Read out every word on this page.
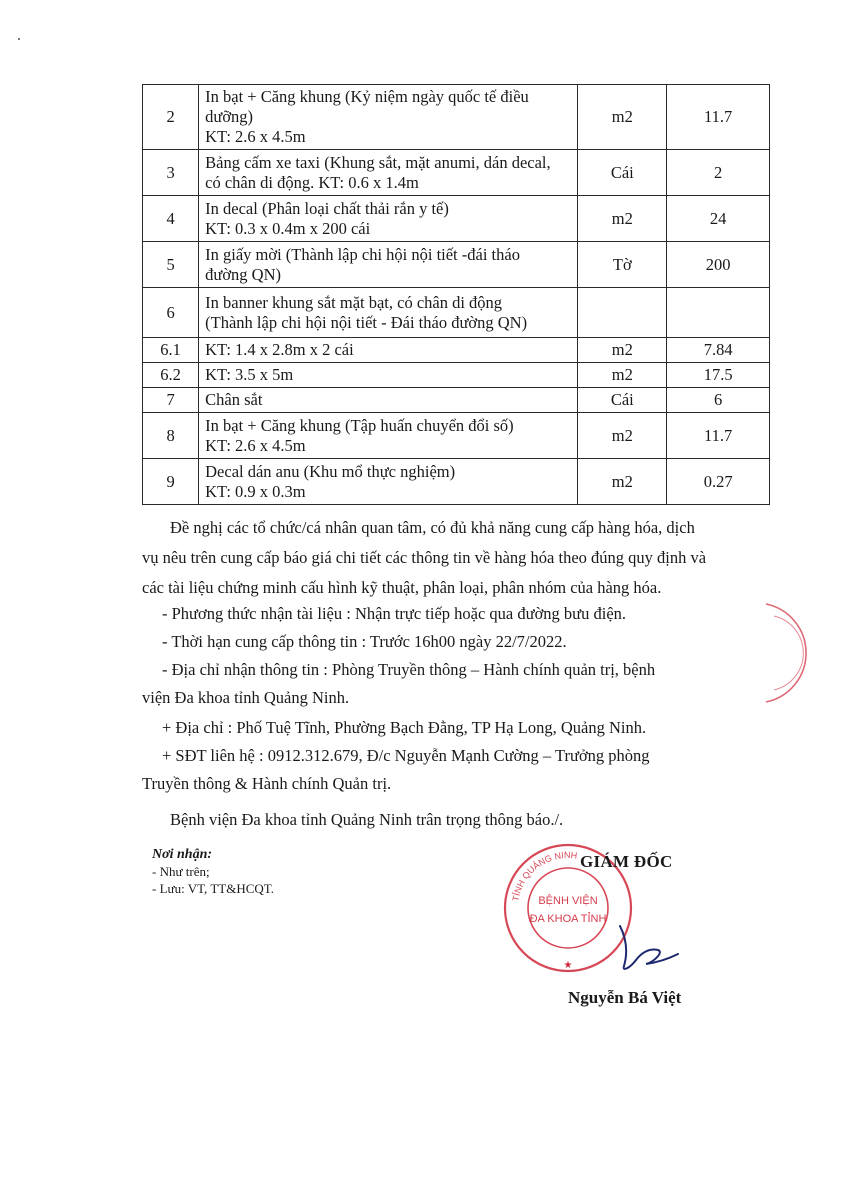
2	In bạt + Căng khung (Kỷ niệm ngày quốc tế điều
dưỡng)
KT: 2.6 x 4.5m	m2	11.7
3	Bảng cấm xe taxi (Khung sắt, mặt anumi, dán decal,
có chân di động. KT: 0.6 x 1.4m	Cái	2
4	In decal (Phân loại chất thải rắn y tế)
KT: 0.3 x 0.4m x 200 cái	m2	24
5	In giấy mời (Thành lập chi hội nội tiết -đái tháo
đường QN)	Tờ	200
6	In banner khung sắt mặt bạt, có chân di động
(Thành lập chi hội nội tiết - Đái tháo đường QN)		

6.1	KT: 1.4 x 2.8m x 2 cái	m2	7.84
6.2	KT: 3.5 x 5m	m2	17.5
7	Chân sắt	Cái	6
8	In bạt + Căng khung (Tập huấn chuyển đổi số)
KT: 2.6 x 4.5m	m2	11.7
9	Decal dán anu (Khu mổ thực nghiệm)
KT: 0.9 x 0.3m	m2	0.27
Đề nghị các tổ chức/cá nhân quan tâm, có đủ khả năng cung cấp hàng hóa, dịch
vụ nêu trên cung cấp báo giá chi tiết các thông tin về hàng hóa theo đúng quy định và
các tài liệu chứng minh cấu hình kỹ thuật, phân loại, phân nhóm của hàng hóa.
- Phương thức nhận tài liệu : Nhận trực tiếp hoặc qua đường bưu điện.
- Thời hạn cung cấp thông tin : Trước 16h00 ngày 22/7/2022.
- Địa chỉ nhận thông tin : Phòng Truyền thông – Hành chính quản trị, bệnh
viện Đa khoa tỉnh Quảng Ninh.
+ Địa chỉ : Phố Tuệ Tĩnh, Phường Bạch Đằng, TP Hạ Long, Quảng Ninh.
+ SĐT liên hệ : 0912.312.679, Đ/c Nguyễn Mạnh Cường – Trưởng phòng
Truyền thông & Hành chính Quản trị.
Bệnh viện Đa khoa tỉnh Quảng Ninh trân trọng thông báo./.
Nơi nhận:
- Như trên;
- Lưu: VT, TT&HCQT.
TỈNH QUẢNG NINH
BỆNH VIỆN
ĐA KHOA TỈNH
★
GIÁM ĐỐC
Nguyễn Bá Việt
